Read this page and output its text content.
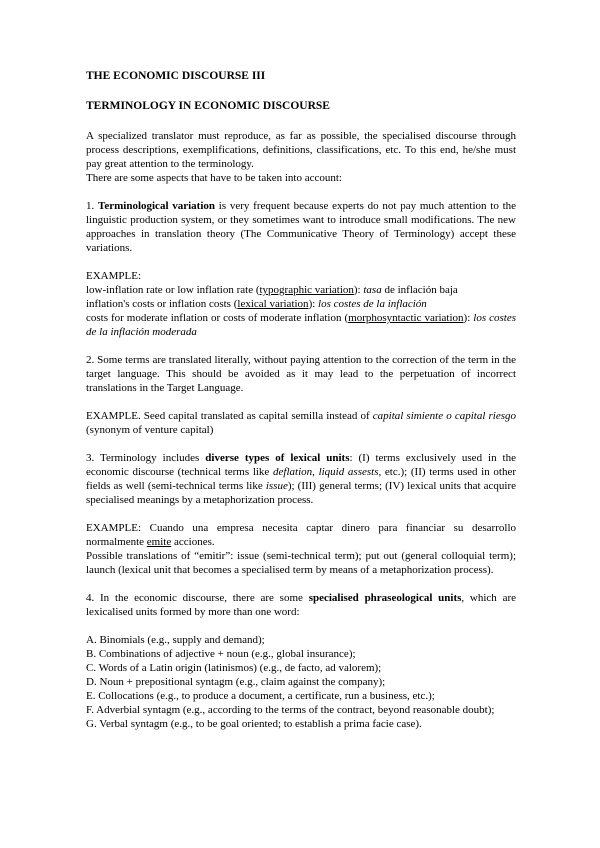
THE ECONOMIC DISCOURSE III

TERMINOLOGY IN ECONOMIC DISCOURSE

A specialized translator must reproduce, as far as possible, the specialised discourse through process descriptions, exemplifications, definitions, classifications, etc. To this end, he/she must pay great attention to the terminology.

There are some aspects that have to be taken into account:

1. Terminological variation is very frequent because experts do not pay much attention to the linguistic production system, or they sometimes want to introduce small modifications. The new approaches in translation theory (The Communicative Theory of Terminology) accept these variations.

EXAMPLE:

low-inflation rate or low inflation rate (typographic variation): tasa de inflación baja

inflation's costs or inflation costs (lexical variation): los costes de la inflación

costs for moderate inflation or costs of moderate inflation (morphosyntactic variation): los costes de la inflación moderada

2. Some terms are translated literally, without paying attention to the correction of the term in the target language. This should be avoided as it may lead to the perpetuation of incorrect translations in the Target Language.

EXAMPLE. Seed capital translated as capital semilla instead of capital simiente o capital riesgo (synonym of venture capital)

3. Terminology includes diverse types of lexical units: (I) terms exclusively used in the economic discourse (technical terms like deflation, liquid assests, etc.); (II) terms used in other fields as well (semi-technical terms like issue); (III) general terms; (IV) lexical units that acquire specialised meanings by a metaphorization process.

EXAMPLE: Cuando una empresa necesita captar dinero para financiar su desarrollo normalmente emite acciones.

Possible translations of “emitir”: issue (semi-technical term); put out (general colloquial term); launch (lexical unit that becomes a specialised term by means of a metaphorization process).

4. In the economic discourse, there are some specialised phraseological units, which are lexicalised units formed by more than one word:

A. Binomials (e.g., supply and demand);

B. Combinations of adjective + noun (e.g., global insurance);

C. Words of a Latin origin (latinismos) (e.g., de facto, ad valorem);

D. Noun + prepositional syntagm (e.g., claim against the company);

E. Collocations (e.g., to produce a document, a certificate, run a business, etc.);

F. Adverbial syntagm (e.g., according to the terms of the contract, beyond reasonable doubt);

G. Verbal syntagm (e.g., to be goal oriented; to establish a prima facie case).
